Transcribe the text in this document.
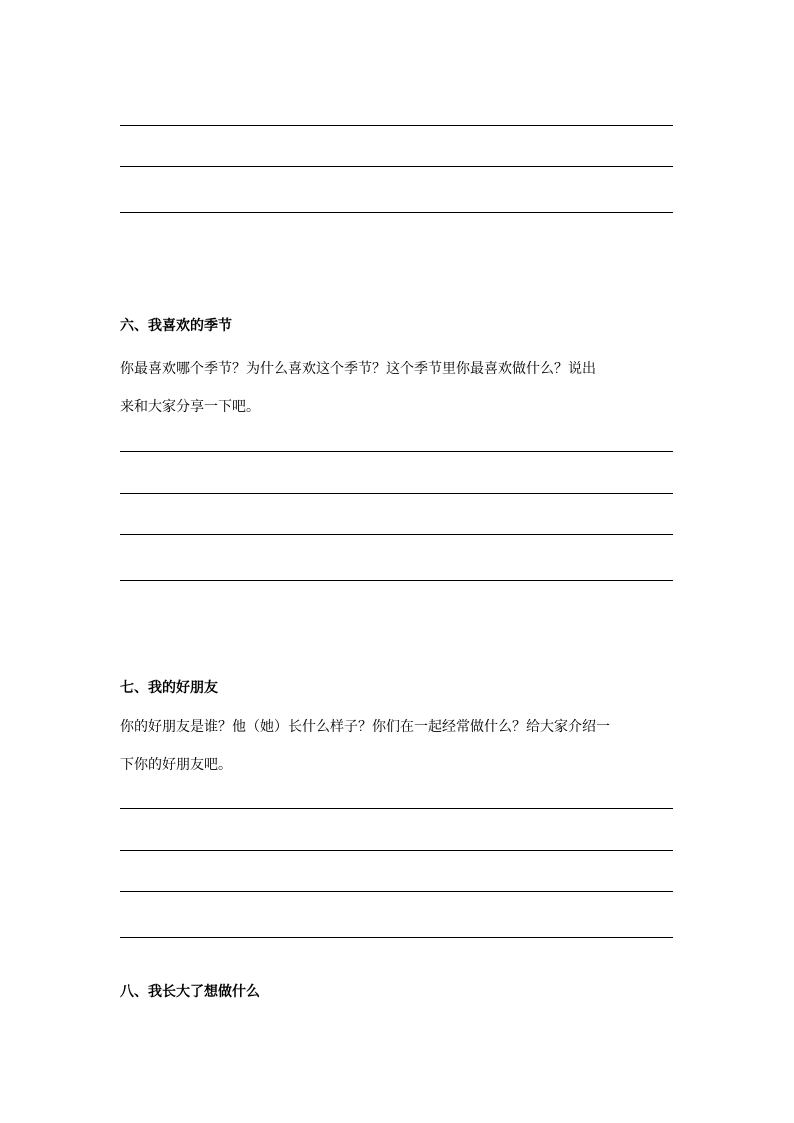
六、我喜欢的季节
你最喜欢哪个季节？为什么喜欢这个季节？这个季节里你最喜欢做什么？说出
来和大家分享一下吧。
七、我的好朋友
你的好朋友是谁？他（她）长什么样子？你们在一起经常做什么？给大家介绍一
下你的好朋友吧。
八、我长大了想做什么
